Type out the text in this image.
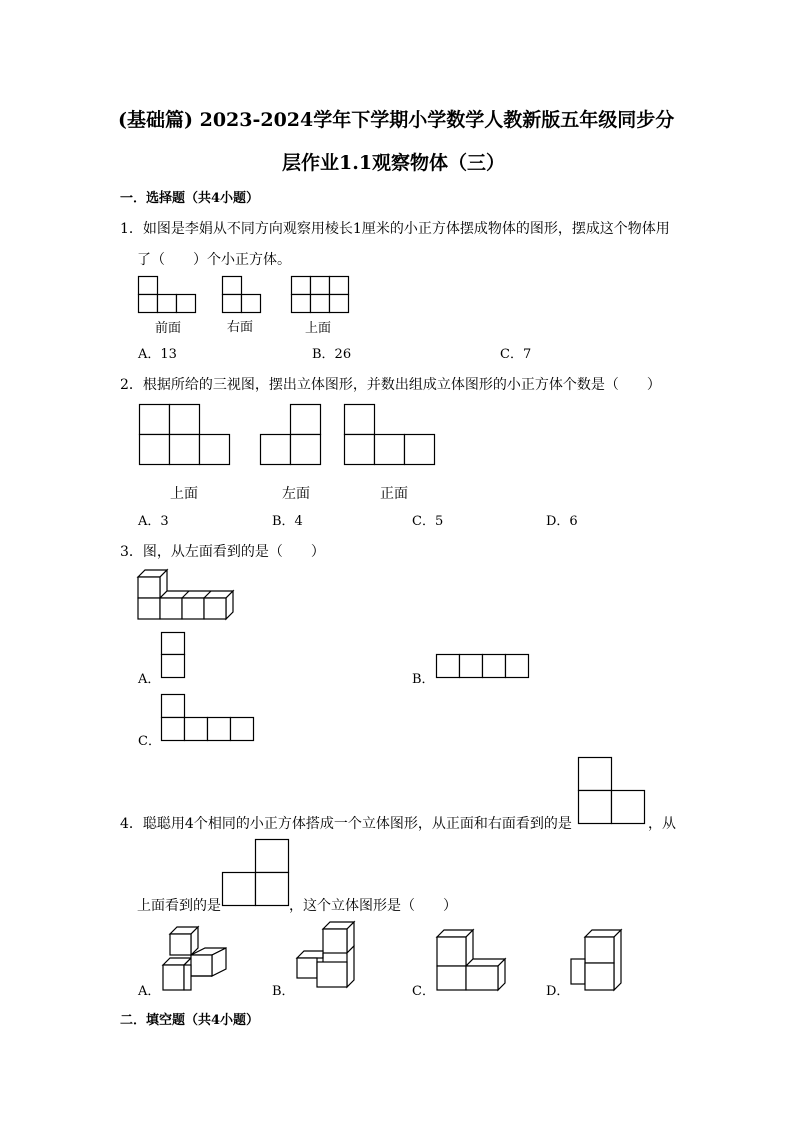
(基础篇) 2023-2024学年下学期小学数学人教新版五年级同步分
层作业1.1观察物体（三）
一．选择题（共4小题）
1．如图是李娟从不同方向观察用棱长1厘米的小正方体摆成物体的图形，摆成这个物体用
了（　　）个小正方体。
前面	右面	上面
A．13	B．26	C．7
2．根据所给的三视图，摆出立体图形，并数出组成立体图形的小正方体个数是（　　）
上面	左面	正面
A．3	B．4	C．5	D．6
3．图，从左面看到的是（　　）
A．	B．
C．
4．聪聪用4个相同的小正方体搭成一个立体图形，从正面和右面看到的是	，从
上面看到的是	，这个立体图形是（　　）
A．	B．	C．	D．
二．填空题（共4小题）
